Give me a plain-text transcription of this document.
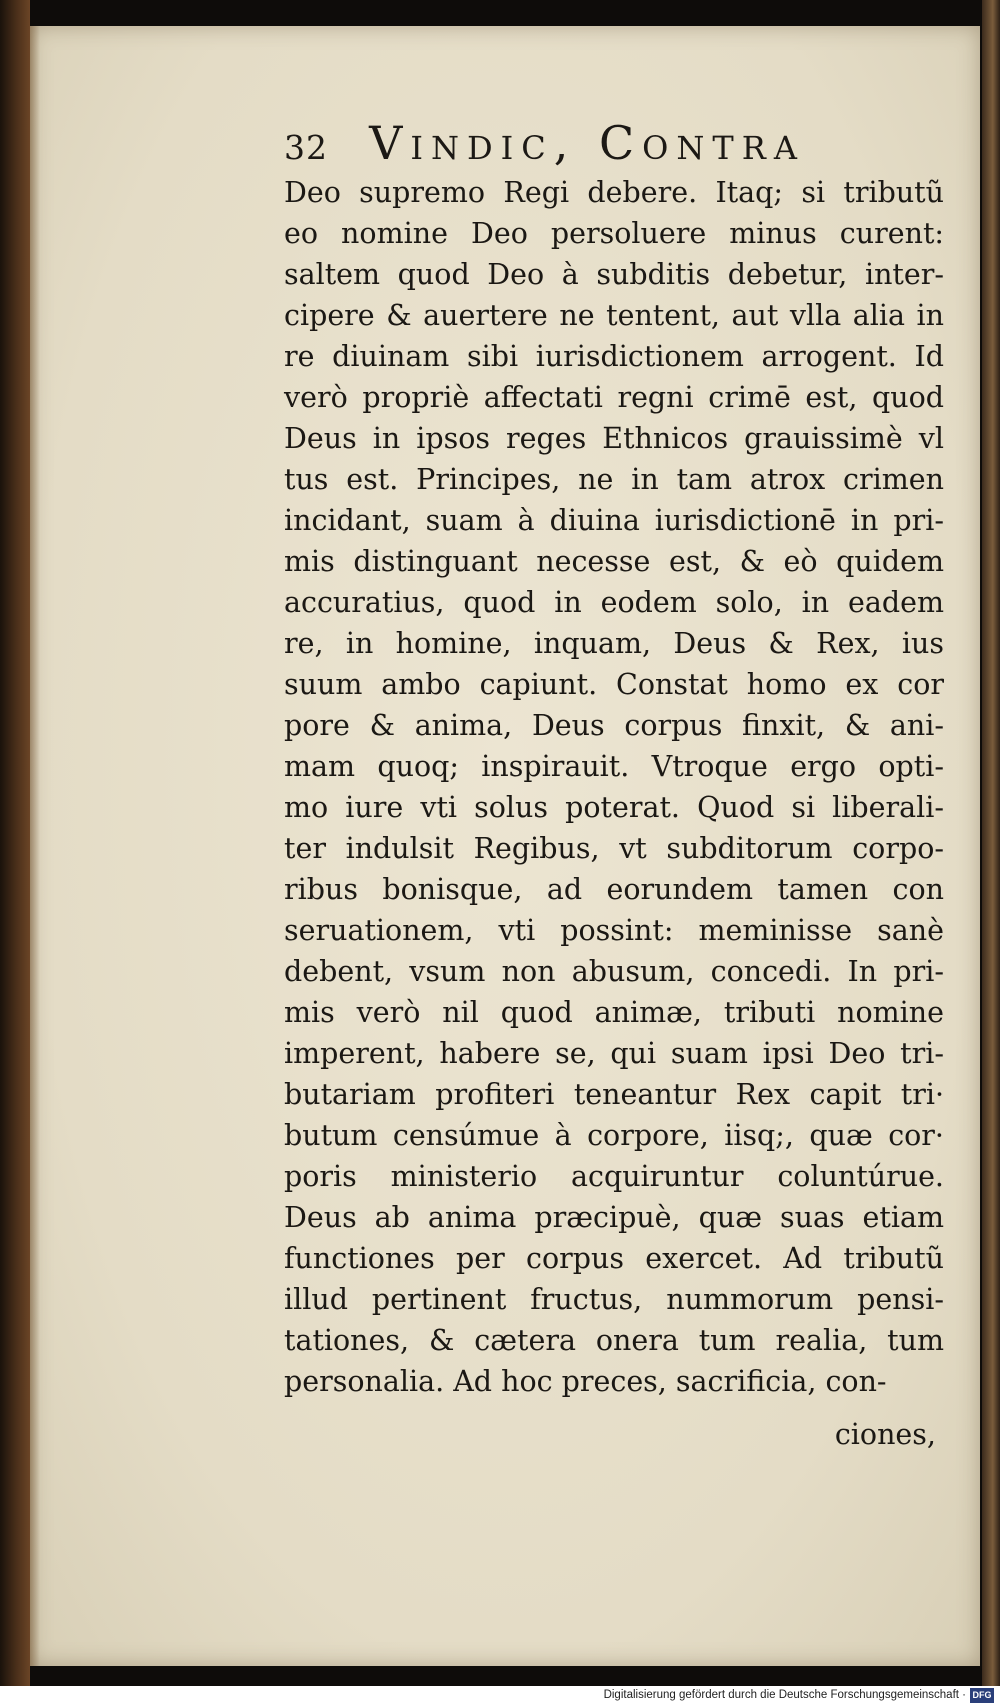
32 Vindic, Contra
Deo supremo Regi debere. Itaq; si tributũ
eo nomine Deo persoluere minus curent:
saltem quod Deo à subditis debetur, inter-
cipere & auertere ne tentent, aut vlla alia in
re diuinam sibi iurisdictionem arrogent. Id
verò propriè affectati regni crimē est, quod
Deus in ipsos reges Ethnicos grauissimè vl
tus est. Principes, ne in tam atrox crimen
incidant, suam à diuina iurisdictionē in pri-
mis distinguant necesse est, & eò quidem
accuratius, quod in eodem solo, in eadem
re, in homine, inquam, Deus & Rex, ius
suum ambo capiunt. Constat homo ex cor
pore & anima, Deus corpus finxit, & ani-
mam quoq; inspirauit. Vtroque ergo opti-
mo iure vti solus poterat. Quod si liberali-
ter indulsit Regibus, vt subditorum corpo-
ribus bonisque, ad eorundem tamen con
seruationem, vti possint: meminisse sanè
debent, vsum non abusum, concedi. In pri-
mis verò nil quod animæ, tributi nomine
imperent, habere se, qui suam ipsi Deo tri-
butariam profiteri teneantur Rex capit tri·
butum censúmue à corpore, iisq;, quæ cor·
poris ministerio acquiruntur coluntúrue.
Deus ab anima præcipuè, quæ suas etiam
functiones per corpus exercet. Ad tributũ
illud pertinent fructus, nummorum pensi-
tationes, & cætera onera tum realia, tum
personalia. Ad hoc preces, sacrificia, con-
ciones,
Digitalisierung gefördert durch die Deutsche Forschungsgemeinschaft · DFG
